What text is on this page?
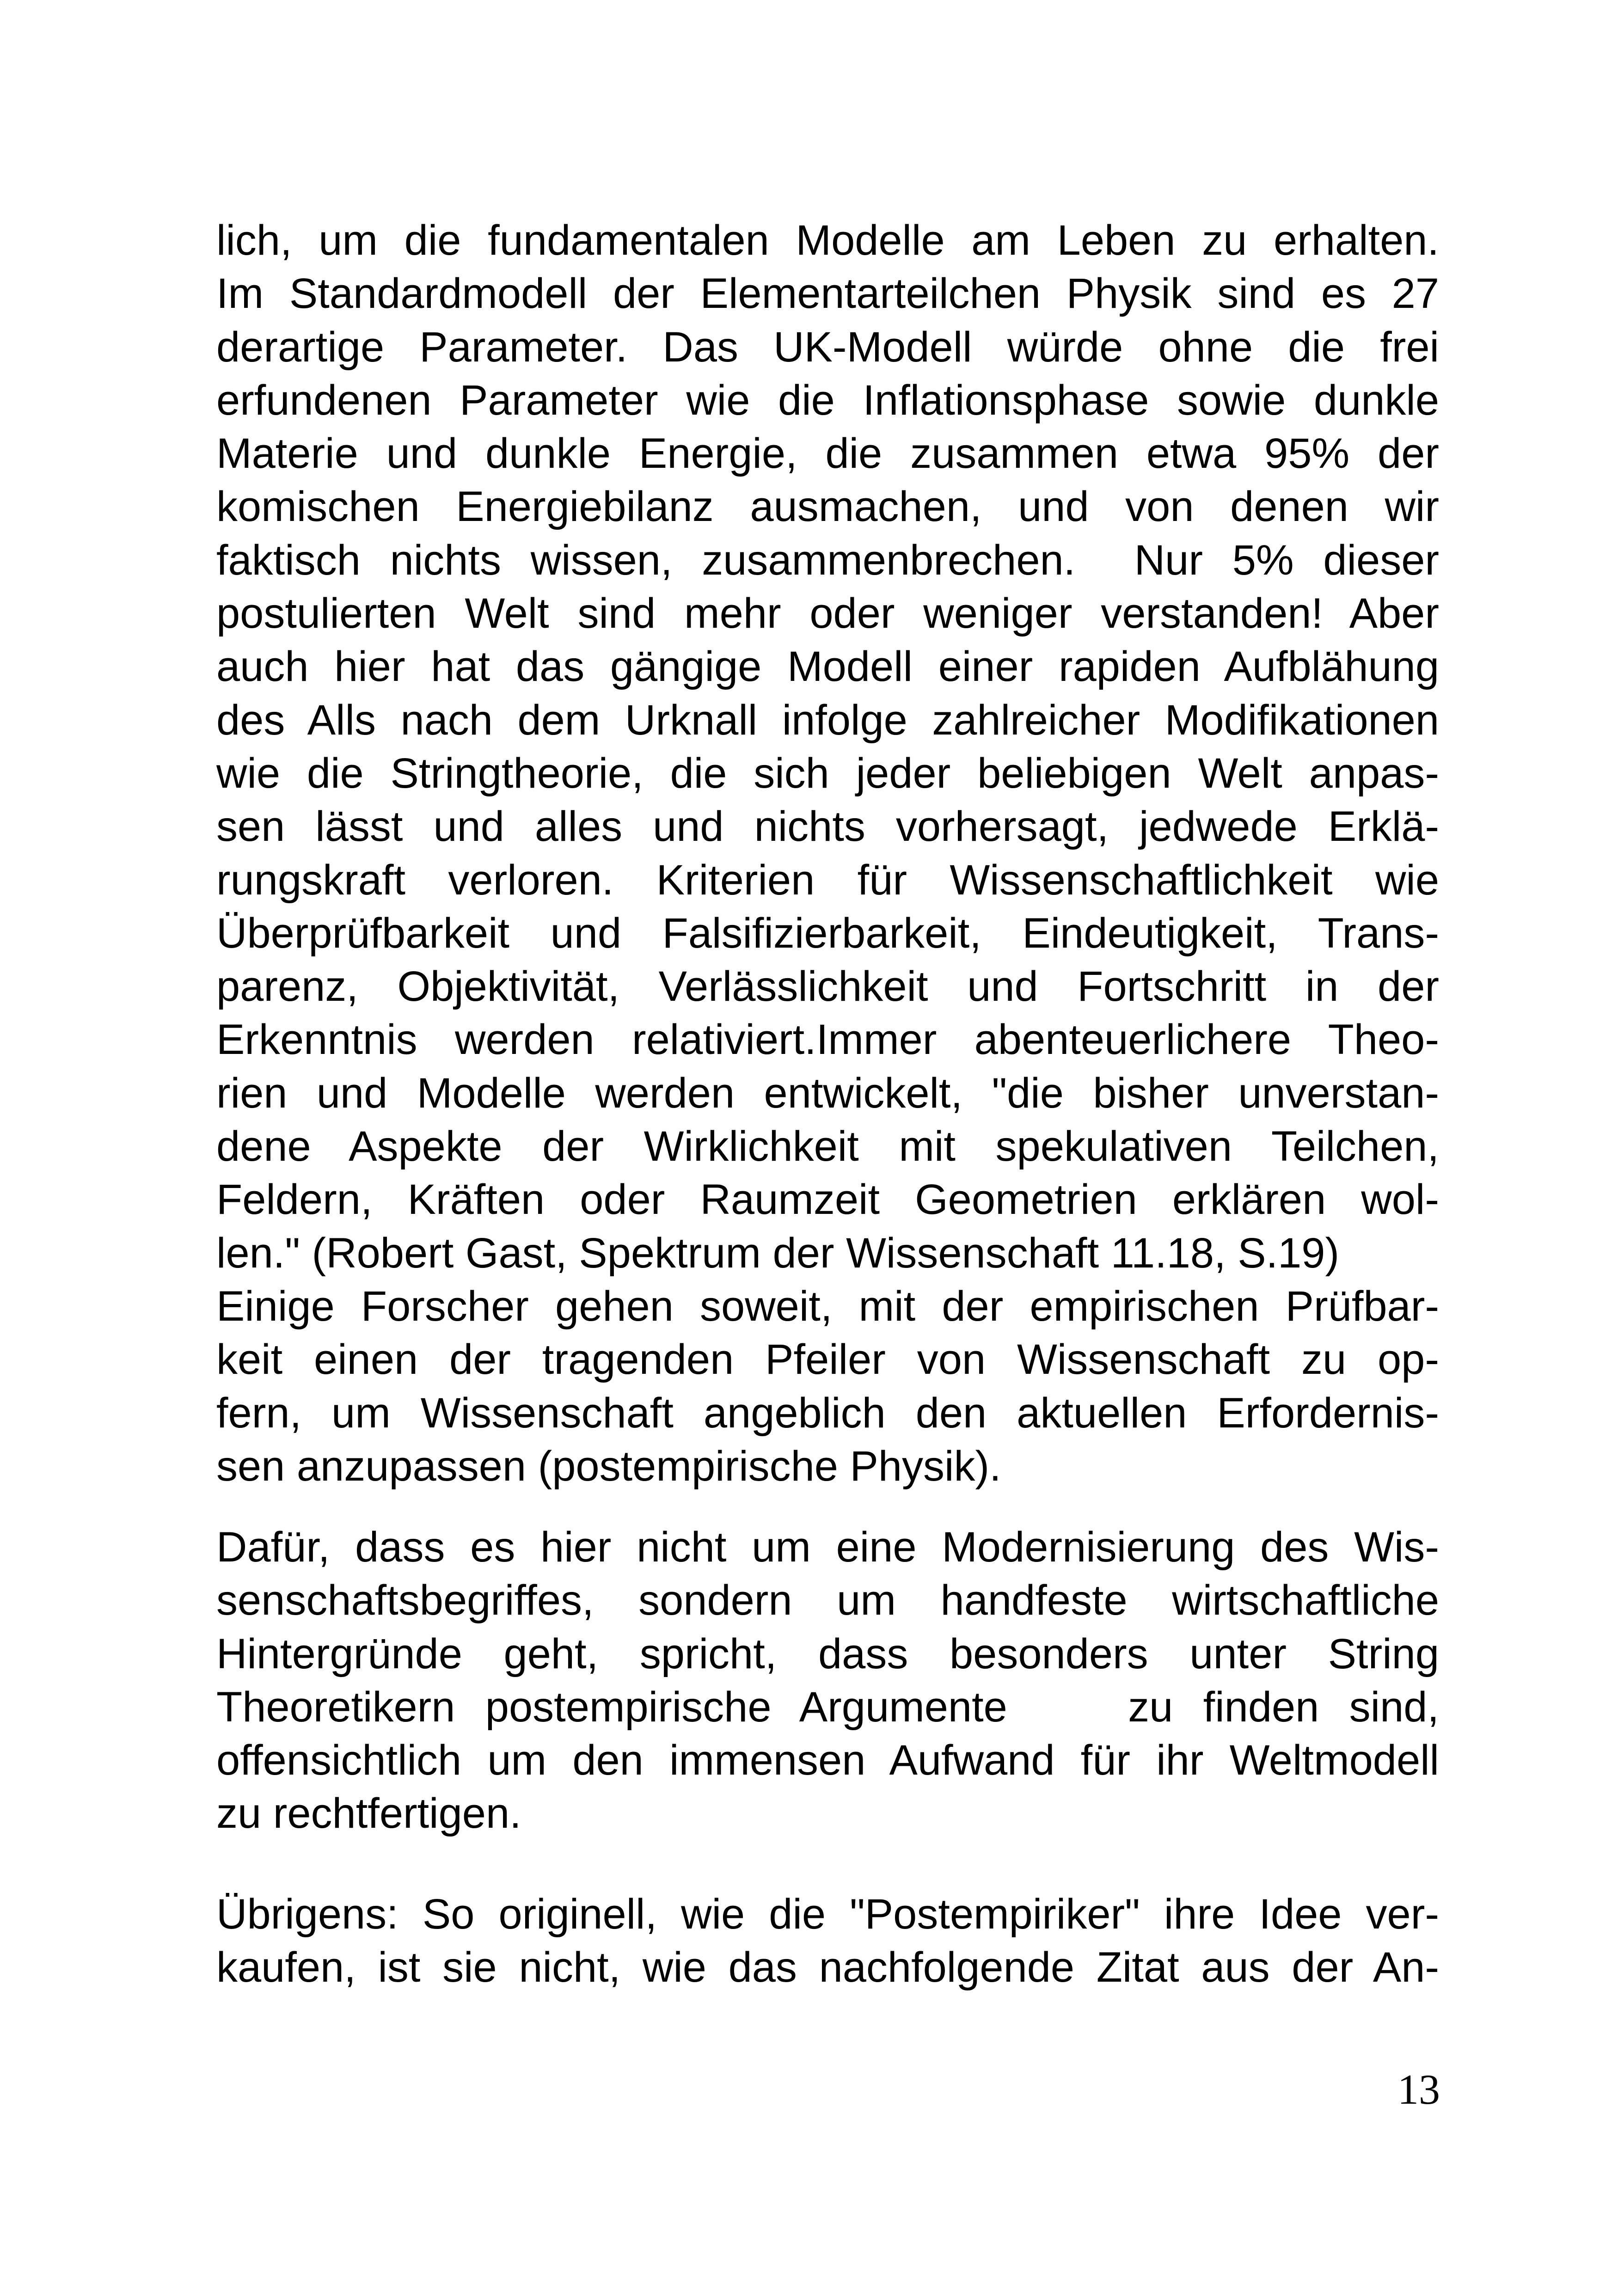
lich, um die fundamentalen Modelle am Leben zu erhalten.
Im Standardmodell der Elementarteilchen Physik sind es 27
derartige Parameter. Das UK-Modell würde ohne die frei
erfundenen Parameter wie die Inflationsphase sowie dunkle
Materie und dunkle Energie, die zusammen etwa 95% der
komischen Energiebilanz ausmachen, und von denen wir
faktisch nichts wissen, zusammenbrechen.  Nur 5% dieser
postulierten Welt sind mehr oder weniger verstanden! Aber
auch hier hat das gängige Modell einer rapiden Aufblähung
des Alls nach dem Urknall infolge zahlreicher Modifikationen
wie die Stringtheorie, die sich jeder beliebigen Welt anpas-
sen lässt und alles und nichts vorhersagt, jedwede Erklä-
rungskraft verloren. Kriterien für Wissenschaftlichkeit wie
Überprüfbarkeit und Falsifizierbarkeit, Eindeutigkeit, Trans-
parenz, Objektivität, Verlässlichkeit und Fortschritt in der
Erkenntnis werden relativiert.Immer abenteuerlichere Theo-
rien und Modelle werden entwickelt, "die bisher unverstan-
dene Aspekte der Wirklichkeit mit spekulativen Teilchen,
Feldern, Kräften oder Raumzeit Geometrien erklären wol-
len." (Robert Gast, Spektrum der Wissenschaft 11.18, S.19)
Einige Forscher gehen soweit, mit der empirischen Prüfbar-
keit einen der tragenden Pfeiler von Wissenschaft zu op-
fern, um Wissenschaft angeblich den aktuellen Erfordernis-
sen anzupassen (postempirische Physik).
Dafür, dass es hier nicht um eine Modernisierung des Wis-
senschaftsbegriffes, sondern um handfeste wirtschaftliche
Hintergründe geht, spricht, dass besonders unter String
Theoretikern postempirische Argumente    zu finden sind,
offensichtlich um den immensen Aufwand für ihr Weltmodell
zu rechtfertigen.
Übrigens: So originell, wie die "Postempiriker" ihre Idee ver-
kaufen, ist sie nicht, wie das nachfolgende Zitat aus der An-
13
